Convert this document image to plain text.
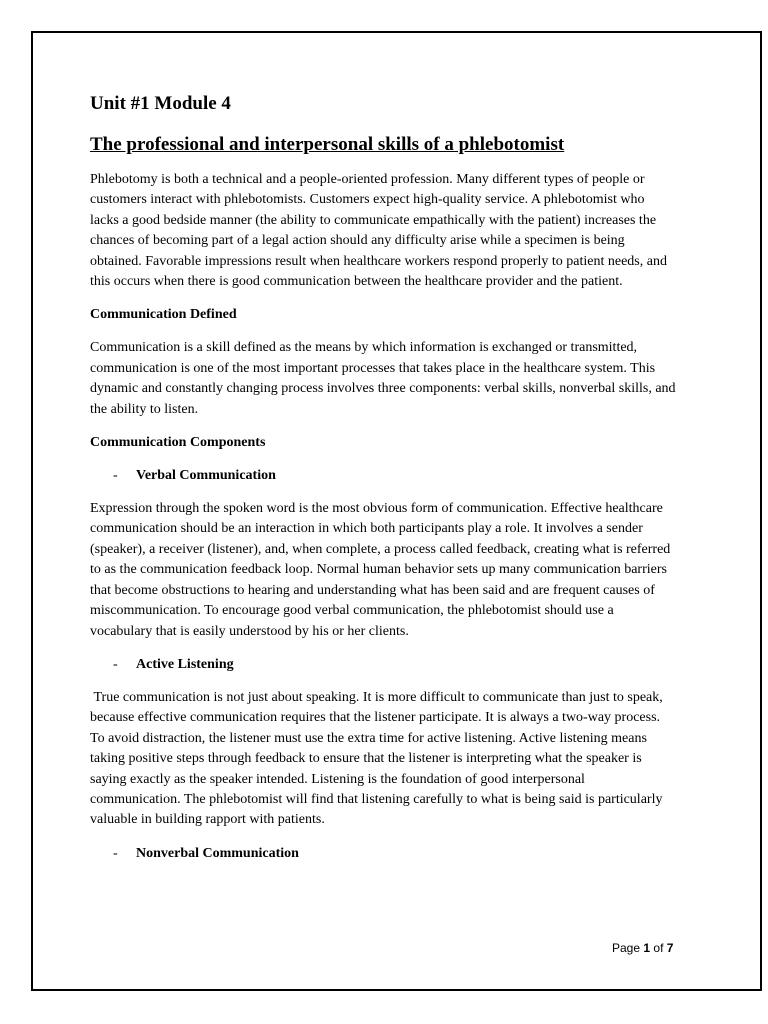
Unit #1 Module 4
The professional and interpersonal skills of a phlebotomist

Phlebotomy is both a technical and a people-oriented profession. Many different types of people or customers interact with phlebotomists. Customers expect high-quality service. A phlebotomist who lacks a good bedside manner (the ability to communicate empathically with the patient) increases the chances of becoming part of a legal action should any difficulty arise while a specimen is being obtained. Favorable impressions result when healthcare workers respond properly to patient needs, and this occurs when there is good communication between the healthcare provider and the patient.

Communication Defined

Communication is a skill defined as the means by which information is exchanged or transmitted, communication is one of the most important processes that takes place in the healthcare system. This dynamic and constantly changing process involves three components: verbal skills, nonverbal skills, and the ability to listen.

Communication Components
- Verbal Communication

Expression through the spoken word is the most obvious form of communication. Effective healthcare communication should be an interaction in which both participants play a role. It involves a sender (speaker), a receiver (listener), and, when complete, a process called feedback, creating what is referred to as the communication feedback loop. Normal human behavior sets up many communication barriers that become obstructions to hearing and understanding what has been said and are frequent causes of miscommunication. To encourage good verbal communication, the phlebotomist should use a vocabulary that is easily understood by his or her clients.

- Active Listening

True communication is not just about speaking. It is more difficult to communicate than just to speak, because effective communication requires that the listener participate. It is always a two-way process. To avoid distraction, the listener must use the extra time for active listening. Active listening means taking positive steps through feedback to ensure that the listener is interpreting what the speaker is saying exactly as the speaker intended. Listening is the foundation of good interpersonal communication. The phlebotomist will find that listening carefully to what is being said is particularly valuable in building rapport with patients.

- Nonverbal Communication
Page 1 of 7
